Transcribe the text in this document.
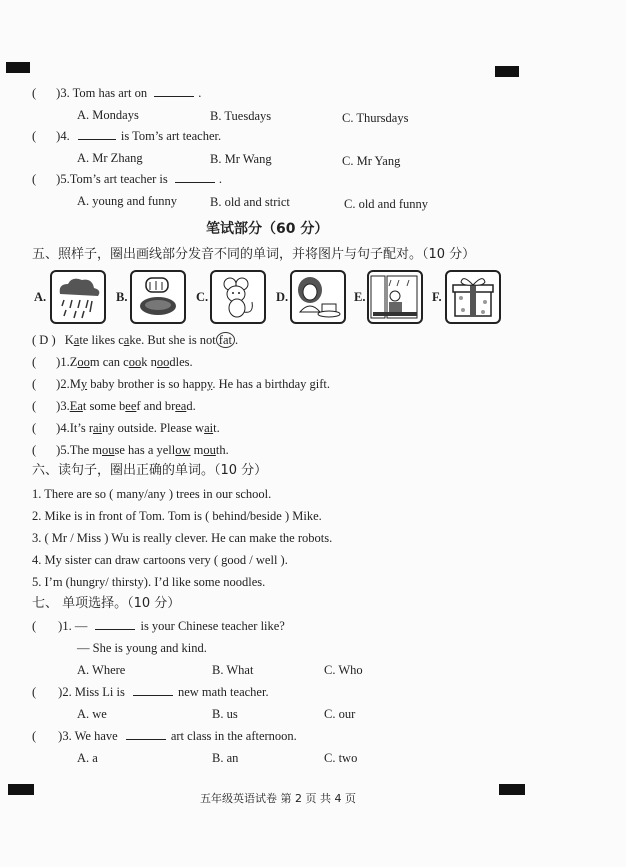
( )3. Tom has art on	.
A. Mondays	B. Tuesdays	C. Thursdays
( )4.	is Tom’s art teacher.
A. Mr Zhang	B. Mr Wang	C. Mr Yang
( )5.Tom’s art teacher is	.
A. young and funny	B. old and strict	C. old and funny
笔试部分（60 分）
五、照样子，圈出画线部分发音不同的单词，并将图片与句子配对。（10 分）
A.	B.	C.	D.	E.	F.
( D ) Kate likes cake. But she is not fat .
( )1.Zoom can cook noodles.
( )2.My baby brother is so happy. He has a birthday gift.
( )3.Eat some beef and bread.
( )4.It’s rainy outside. Please wait.
( )5.The mouse has a yellow mouth.
六、读句子，圈出正确的单词。（10 分）
1. There are so ( many/any ) trees in our school.
2. Mike is in front of Tom. Tom is ( behind/beside ) Mike.
3. ( Mr / Miss ) Wu is really clever. He can make the robots.
4. My sister can draw cartoons very ( good / well ).
5. I’m (hungry/ thirsty). I’d like some noodles.
七、 单项选择。（10 分）
( )1. —	is your Chinese teacher like?
— She is young and kind.
A. Where	B. What	C. Who
( )2. Miss Li is	new math teacher.
A. we	B. us	C. our
( )3. We have	art class in the afternoon.
A. a	B. an	C. two
五年级英语试卷 第 2 页 共 4 页
